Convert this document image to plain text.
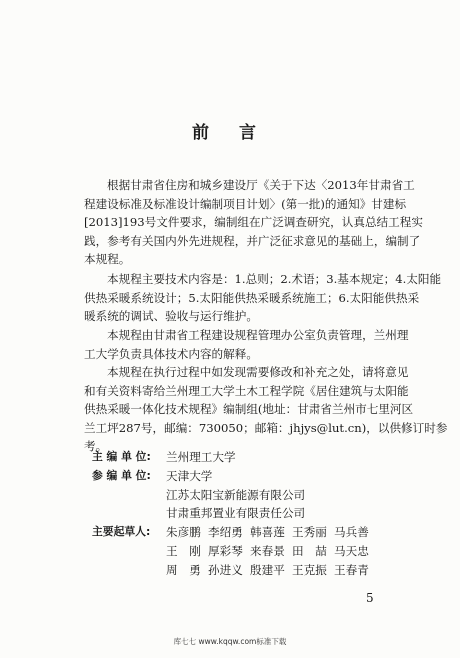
前 言

根据甘肃省住房和城乡建设厅《关于下达〈2013年甘肃省工
程建设标准及标准设计编制项目计划〉(第一批)的通知》甘建标
[2013]193号文件要求，编制组在广泛调查研究，认真总结工程实
践，参考有关国内外先进规程，并广泛征求意见的基础上，编制了
本规程。

本规程主要技术内容是：1.总则；2.术语；3.基本规定；4.太阳能
供热采暖系统设计；5.太阳能供热采暖系统施工；6.太阳能供热采
暖系统的调试、验收与运行维护。

本规程由甘肃省工程建设规程管理办公室负责管理，兰州理
工大学负责具体技术内容的解释。

本规程在执行过程中如发现需要修改和补充之处，请将意见
和有关资料寄给兰州理工大学土木工程学院《居住建筑与太阳能
供热采暖一体化技术规程》编制组(地址：甘肃省兰州市七里河区
兰工坪287号，邮编：730050；邮箱：jhjys@lut.cn)，以供修订时参
考。

主 编 单 位:	兰州理工大学
参 编 单 位:	天津大学
江苏太阳宝新能源有限公司
甘肃重邦置业有限责任公司
主要起草人:	朱彦鹏 李绍勇 韩喜莲 王秀丽 马兵善
王　刚 厚彩琴 来春景 田　喆 马天忠
周　勇 孙进义 殷建平 王克振 王春青
5
库七七 www.kqqw.com标准下载
